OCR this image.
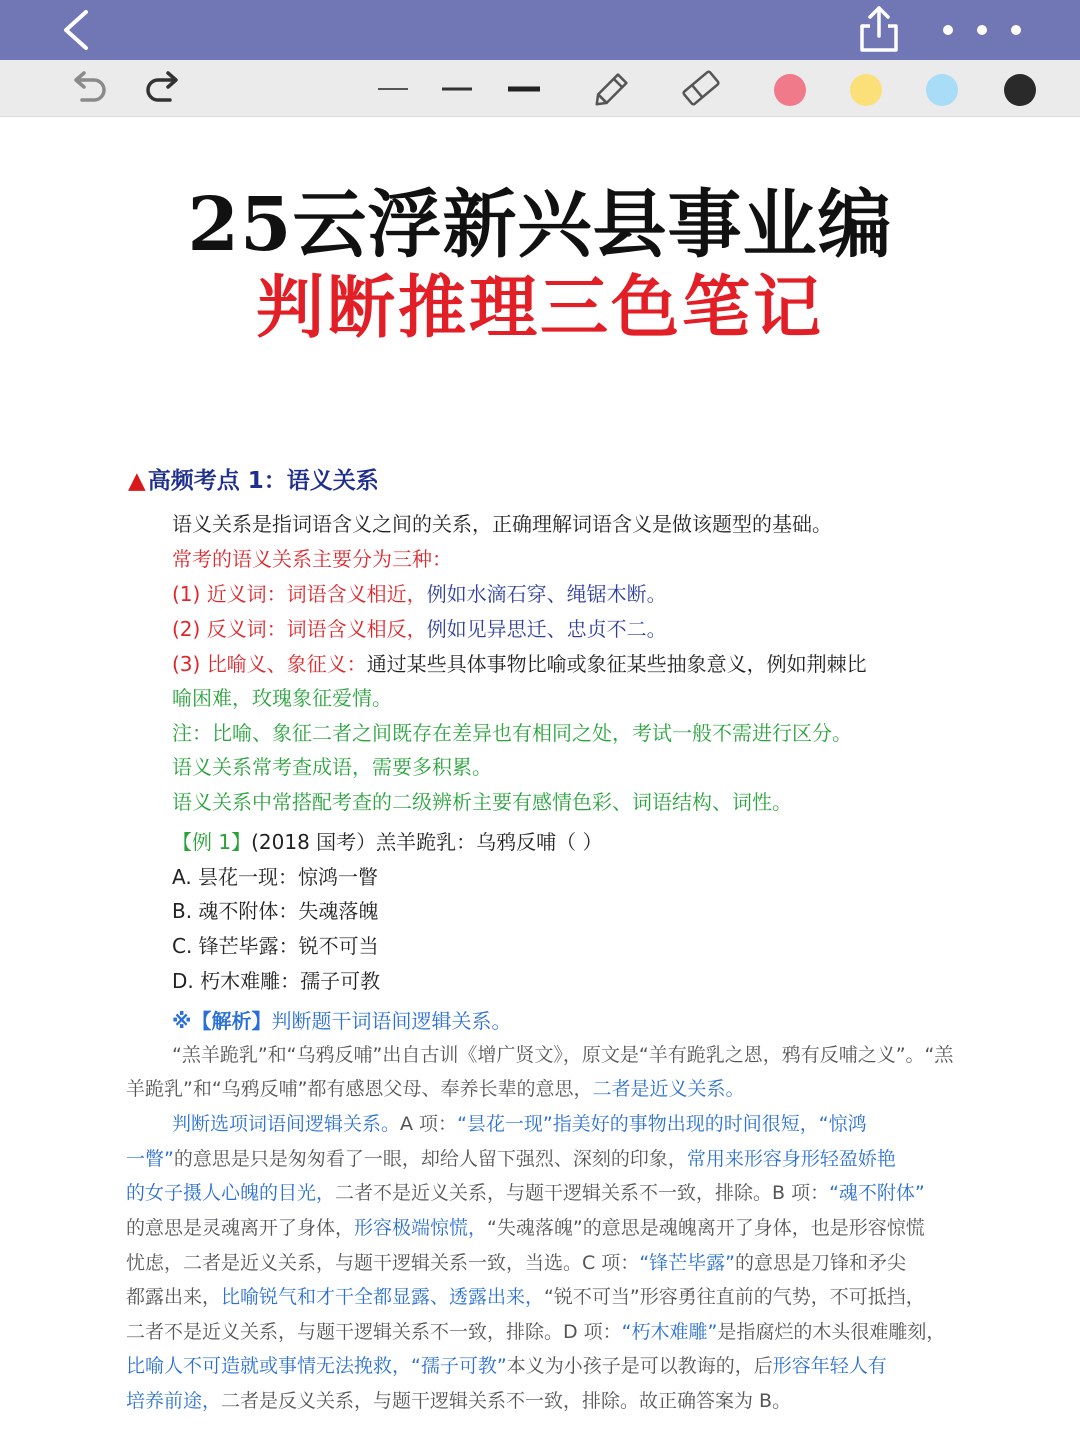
25云浮新兴县事业编
判断推理三色笔记
▲高频考点 1：语义关系
语义关系是指词语含义之间的关系，正确理解词语含义是做该题型的基础。
常考的语义关系主要分为三种：
(1) 近义词：词语含义相近，例如水滴石穿、绳锯木断。
(2) 反义词：词语含义相反，例如见异思迁、忠贞不二。
(3) 比喻义、象征义：通过某些具体事物比喻或象征某些抽象意义，例如荆棘比
喻困难，玫瑰象征爱情。
注：比喻、象征二者之间既存在差异也有相同之处，考试一般不需进行区分。
语义关系常考查成语，需要多积累。
语义关系中常搭配考查的二级辨析主要有感情色彩、词语结构、词性。
【例 1】(2018 国考）羔羊跪乳：乌鸦反哺（ ）
A. 昙花一现：惊鸿一瞥
B. 魂不附体：失魂落魄
C. 锋芒毕露：锐不可当
D. 朽木难雕：孺子可教
※【解析】判断题干词语间逻辑关系。
“羔羊跪乳”和“乌鸦反哺”出自古训《增广贤文》，原文是“羊有跪乳之恩，鸦有反哺之义”。“羔
羊跪乳”和“乌鸦反哺”都有感恩父母、奉养长辈的意思，二者是近义关系。
判断选项词语间逻辑关系。A 项：“昙花一现”指美好的事物出现的时间很短，“惊鸿
一瞥”的意思是只是匆匆看了一眼，却给人留下强烈、深刻的印象，常用来形容身形轻盈娇艳
的女子摄人心魄的目光，二者不是近义关系，与题干逻辑关系不一致，排除。B 项：“魂不附体”
的意思是灵魂离开了身体，形容极端惊慌，“失魂落魄”的意思是魂魄离开了身体，也是形容惊慌
忧虑，二者是近义关系，与题干逻辑关系一致，当选。C 项：“锋芒毕露”的意思是刀锋和矛尖
都露出来，比喻锐气和才干全都显露、透露出来，“锐不可当”形容勇往直前的气势，不可抵挡，
二者不是近义关系，与题干逻辑关系不一致，排除。D 项：“朽木难雕”是指腐烂的木头很难雕刻，
比喻人不可造就或事情无法挽救，“孺子可教”本义为小孩子是可以教诲的，后形容年轻人有
培养前途，二者是反义关系，与题干逻辑关系不一致，排除。故正确答案为 B。
